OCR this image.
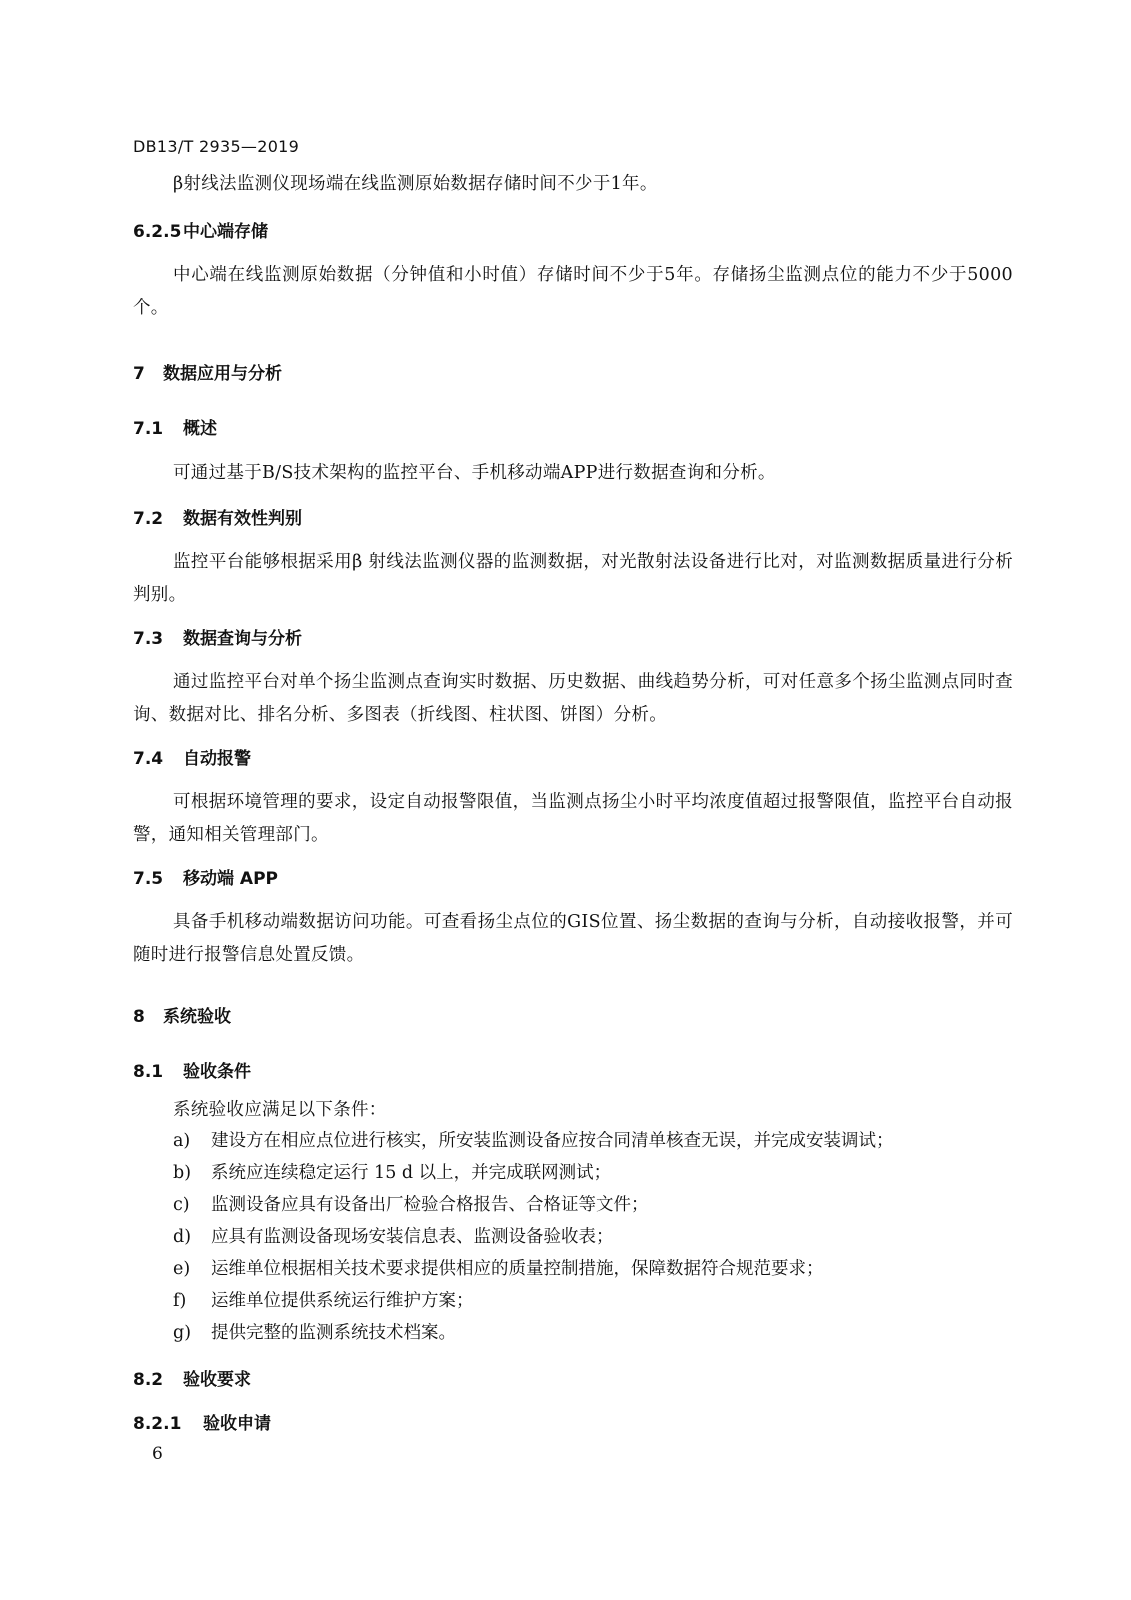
DB13/T 2935—2019

β射线法监测仪现场端在线监测原始数据存储时间不少于1年。

6.2.5中心端存储

中心端在线监测原始数据（分钟值和小时值）存储时间不少于5年。存储扬尘监测点位的能力不少于5000个。

7 数据应用与分析
7.1 概述

可通过基于B/S技术架构的监控平台、手机移动端APP进行数据查询和分析。

7.2 数据有效性判别

监控平台能够根据采用β 射线法监测仪器的监测数据，对光散射法设备进行比对，对监测数据质量进行分析判别。

7.3 数据查询与分析

通过监控平台对单个扬尘监测点查询实时数据、历史数据、曲线趋势分析，可对任意多个扬尘监测点同时查询、数据对比、排名分析、多图表（折线图、柱状图、饼图）分析。

7.4 自动报警

可根据环境管理的要求，设定自动报警限值，当监测点扬尘小时平均浓度值超过报警限值，监控平台自动报警，通知相关管理部门。

7.5 移动端 APP

具备手机移动端数据访问功能。可查看扬尘点位的GIS位置、扬尘数据的查询与分析，自动接收报警，并可随时进行报警信息处置反馈。

8 系统验收
8.1 验收条件

系统验收应满足以下条件：

a) 建设方在相应点位进行核实，所安装监测设备应按合同清单核查无误，并完成安装调试；

b) 系统应连续稳定运行 15 d 以上，并完成联网测试；

c) 监测设备应具有设备出厂检验合格报告、合格证等文件；

d) 应具有监测设备现场安装信息表、监测设备验收表；

e) 运维单位根据相关技术要求提供相应的质量控制措施，保障数据符合规范要求；

f) 运维单位提供系统运行维护方案；

g) 提供完整的监测系统技术档案。

8.2 验收要求
8.2.1 验收申请
6
